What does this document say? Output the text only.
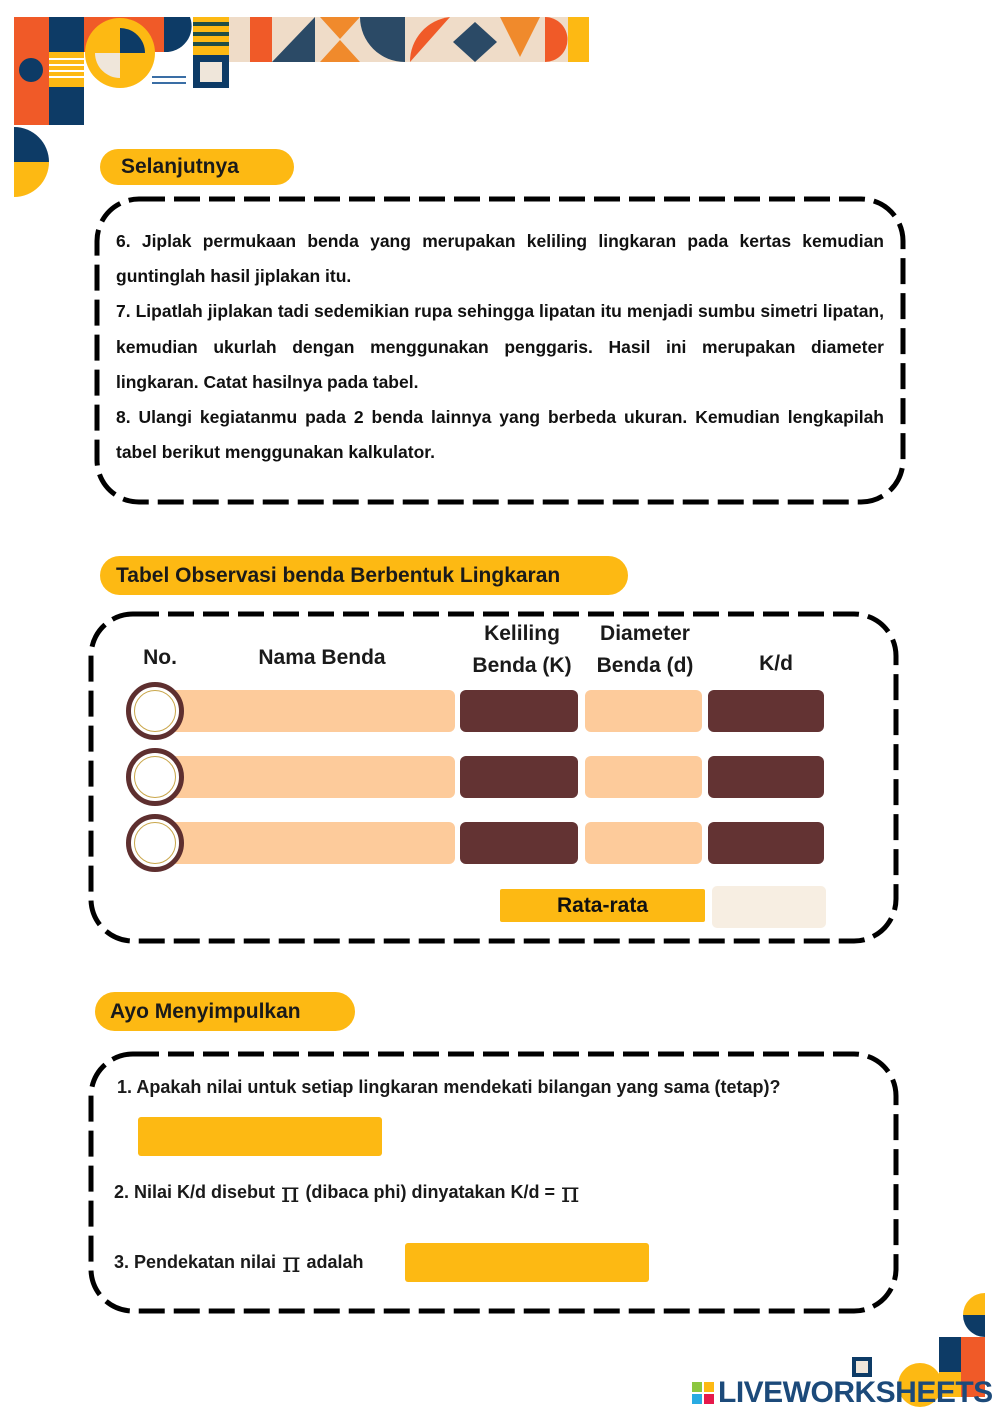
Selanjutnya

6. Jiplak permukaan benda yang merupakan keliling lingkaran pada kertas kemudian guntinglah hasil jiplakan itu.

7. Lipatlah jiplakan tadi sedemikian rupa sehingga lipatan itu menjadi sumbu simetri lipatan, kemudian ukurlah dengan menggunakan penggaris. Hasil ini merupakan diameter lingkaran. Catat hasilnya pada tabel.

8. Ulangi kegiatanmu pada 2 benda lainnya yang berbeda ukuran. Kemudian lengkapilah tabel berikut menggunakan kalkulator.

Tabel Observasi benda Berbentuk Lingkaran
No.	Nama Benda
Keliling
Benda (K)
Diameter
Benda (d)	K/d
Rata-rata
Ayo Menyimpulkan
1. Apakah nilai untuk setiap lingkaran mendekati bilangan yang sama (tetap)?
2. Nilai K/d disebut π (dibaca phi) dinyatakan K/d = π
3. Pendekatan nilai π adalah
LIVEWORKSHEETS
